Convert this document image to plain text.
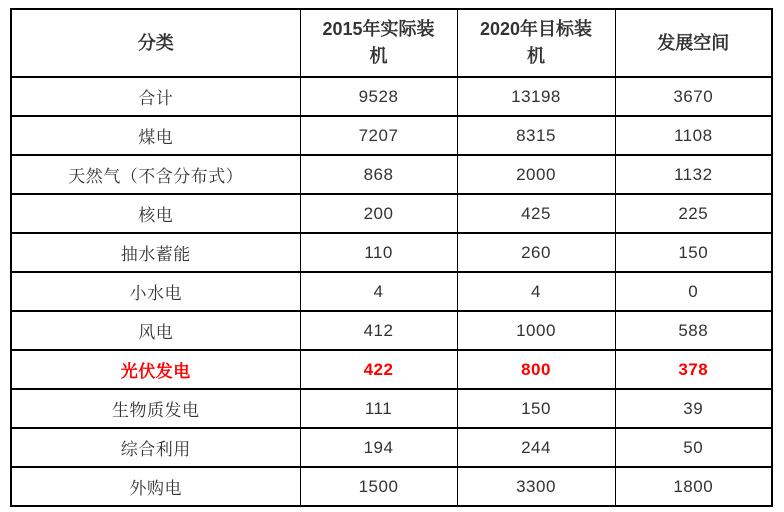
分类	2015年实际装机	2020年目标装机	发展空间
合计	9528	13198	3670
煤电	7207	8315	1108
天然气（不含分布式）	868	2000	1132
核电	200	425	225
抽水蓄能	110	260	150
小水电	4	4	0
风电	412	1000	588
光伏发电	422	800	378
生物质发电	111	150	39
综合利用	194	244	50
外购电	1500	3300	1800
